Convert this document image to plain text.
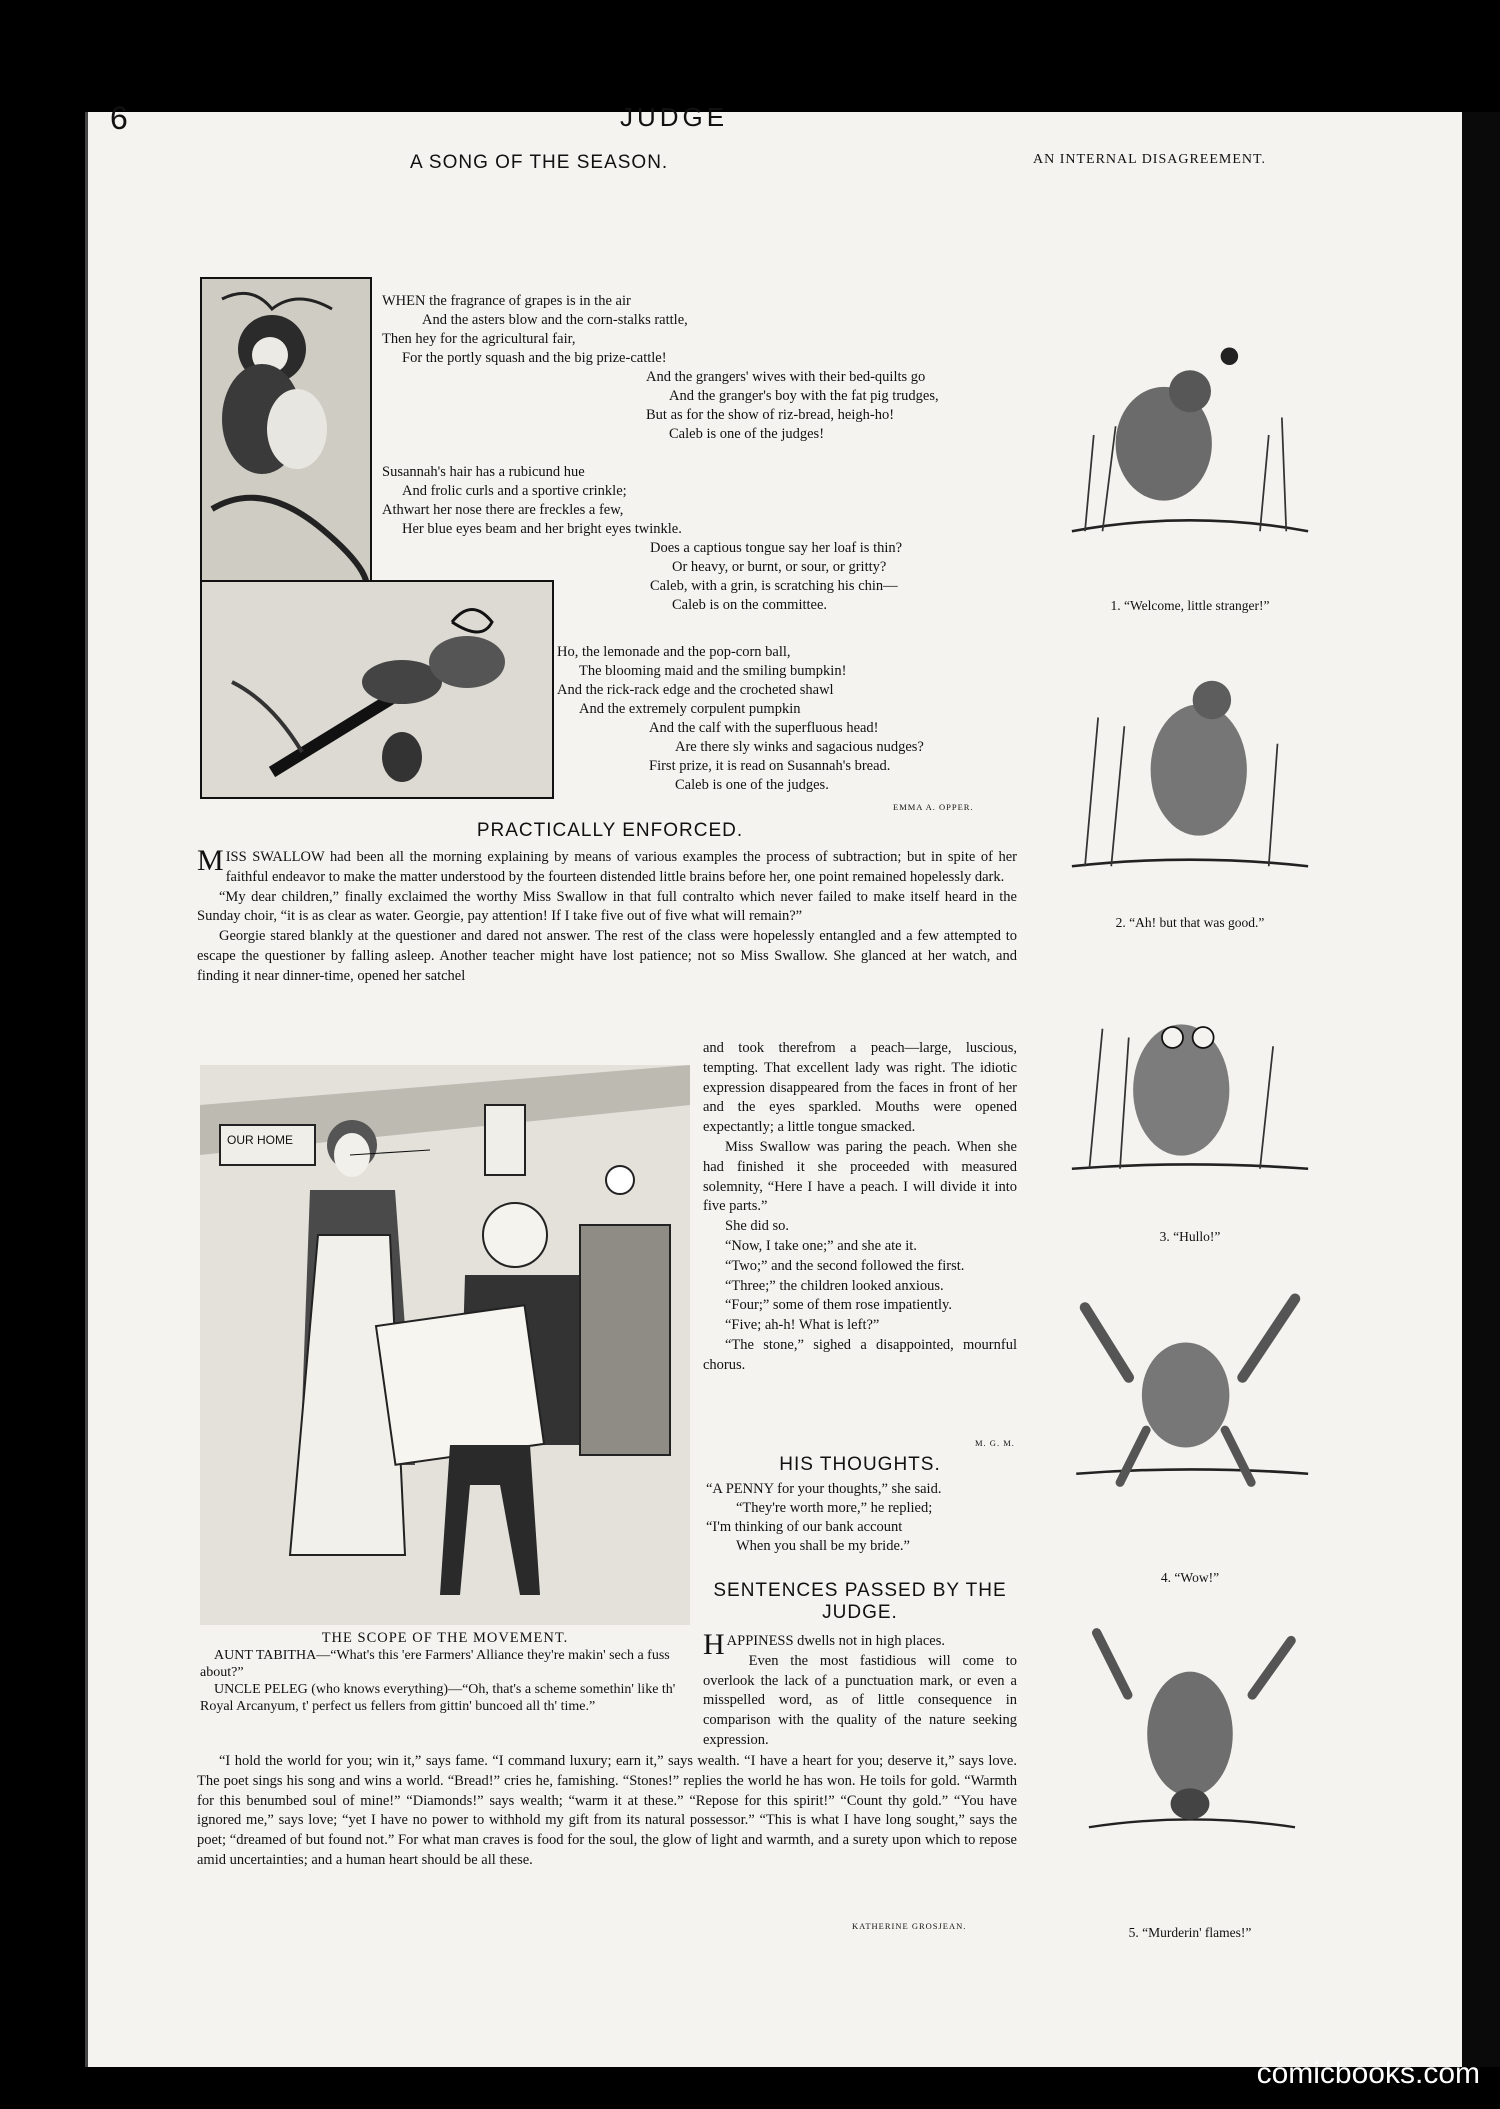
6	JUDGE
A SONG OF THE SEASON.
WHEN the fragrance of grapes is in the air
And the asters blow and the corn-stalks rattle,
Then hey for the agricultural fair,
For the portly squash and the big prize-cattle!
And the grangers' wives with their bed-quilts go
And the granger's boy with the fat pig trudges,
But as for the show of riz-bread, heigh-ho!
Caleb is one of the judges!
Susannah's hair has a rubicund hue
And frolic curls and a sportive crinkle;
Athwart her nose there are freckles a few,
Her blue eyes beam and her bright eyes twinkle.
Does a captious tongue say her loaf is thin?
Or heavy, or burnt, or sour, or gritty?
Caleb, with a grin, is scratching his chin—
Caleb is on the committee.
Ho, the lemonade and the pop-corn ball,
The blooming maid and the smiling bumpkin!
And the rick-rack edge and the crocheted shawl
And the extremely corpulent pumpkin
And the calf with the superfluous head!
Are there sly winks and sagacious nudges?
First prize, it is read on Susannah's bread.
Caleb is one of the judges.
EMMA A. OPPER.
PRACTICALLY ENFORCED.

MISS SWALLOW had been all the morning explaining by means of various examples the process of subtraction; but in spite of her faithful endeavor to make the matter understood by the fourteen distended little brains before her, one point remained hopelessly dark.

“My dear children,” finally exclaimed the worthy Miss Swallow in that full contralto which never failed to make itself heard in the Sunday choir, “it is as clear as water. Georgie, pay attention! If I take five out of five what will remain?”

Georgie stared blankly at the questioner and dared not answer. The rest of the class were hopelessly entangled and a few attempted to escape the questioner by falling asleep. Another teacher might have lost patience; not so Miss Swallow. She glanced at her watch, and finding it near dinner-time, opened her satchel

and took therefrom a peach—large, luscious, tempting. That excellent lady was right. The idiotic expression disappeared from the faces in front of her and the eyes sparkled. Mouths were opened expectantly; a little tongue smacked.

Miss Swallow was paring the peach. When she had finished it she proceeded with measured solemnity, “Here I have a peach. I will divide it into five parts.”

She did so.

“Now, I take one;” and she ate it.

“Two;” and the second followed the first.

“Three;” the children looked anxious.

“Four;” some of them rose impatiently.

“Five; ah-h! What is left?”

“The stone,” sighed a disappointed, mournful chorus.

M. G. M.
OUR HOME
THE SCOPE OF THE MOVEMENT.
AUNT TABITHA—“What's this 'ere Farmers' Alliance they're makin' sech a fuss about?”
UNCLE PELEG (who knows everything)—“Oh, that's a scheme somethin' like th' Royal Arcanyum, t' perfect us fellers from gittin' buncoed all th' time.”
HIS THOUGHTS.
“A PENNY for your thoughts,” she said.
“They're worth more,” he replied;
“I'm thinking of our bank account
When you shall be my bride.”
SENTENCES PASSED BY THE JUDGE.

HAPPINESS dwells not in high places.

Even the most fastidious will come to overlook the lack of a punctuation mark, or even a misspelled word, as of little consequence in comparison with the quality of the nature seeking expression.

“I hold the world for you; win it,” says fame. “I command luxury; earn it,” says wealth. “I have a heart for you; deserve it,” says love. The poet sings his song and wins a world. “Bread!” cries he, famishing. “Stones!” replies the world he has won. He toils for gold. “Warmth for this benumbed soul of mine!” “Diamonds!” says wealth; “warm it at these.” “Repose for this spirit!” “Count thy gold.” “You have ignored me,” says love; “yet I have no power to withhold my gift from its natural possessor.” “This is what I have long sought,” says the poet; “dreamed of but found not.” For what man craves is food for the soul, the glow of light and warmth, and a surety upon which to repose amid uncertainties; and a human heart should be all these.

KATHERINE GROSJEAN.
AN INTERNAL DISAGREEMENT.
1. “Welcome, little stranger!”
2. “Ah! but that was good.”
3. “Hullo!”
4. “Wow!”
5. “Murderin' flames!”
comicbooks.com
